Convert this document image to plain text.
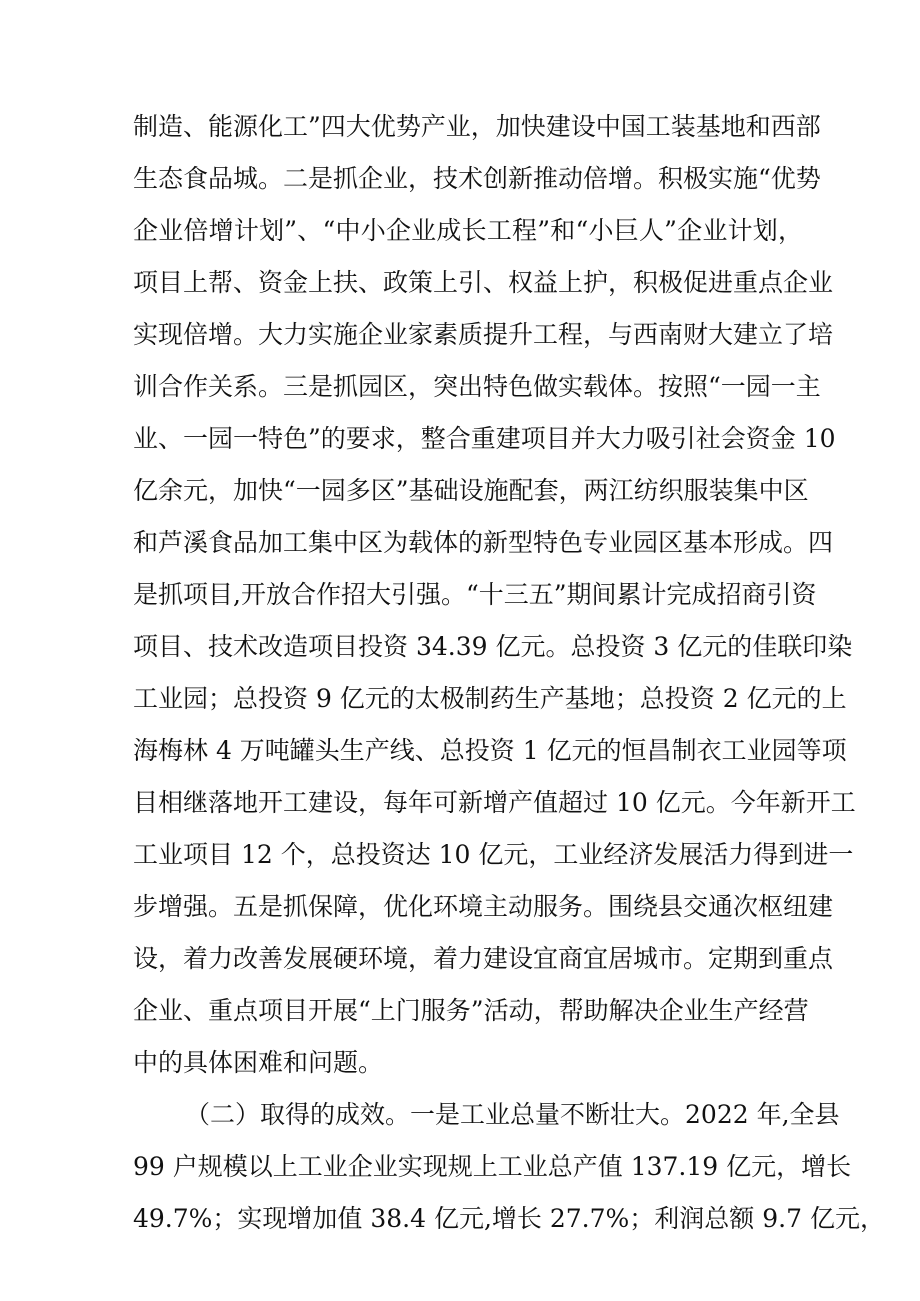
制造、能源化工”四大优势产业，加快建设中国工装基地和西部
生态食品城。二是抓企业，技术创新推动倍增。积极实施“优势
企业倍增计划”、“中小企业成长工程”和“小巨人”企业计划，
项目上帮、资金上扶、政策上引、权益上护，积极促进重点企业
实现倍增。大力实施企业家素质提升工程，与西南财大建立了培
训合作关系。三是抓园区，突出特色做实载体。按照“一园一主
业、一园一特色”的要求，整合重建项目并大力吸引社会资金 10
亿余元，加快“一园多区”基础设施配套，两江纺织服装集中区
和芦溪食品加工集中区为载体的新型特色专业园区基本形成。四
是抓项目,开放合作招大引强。“十三五”期间累计完成招商引资
项目、技术改造项目投资 34.39 亿元。总投资 3 亿元的佳联印染
工业园；总投资 9 亿元的太极制药生产基地；总投资 2 亿元的上
海梅林 4 万吨罐头生产线、总投资 1 亿元的恒昌制衣工业园等项
目相继落地开工建设，每年可新增产值超过 10 亿元。今年新开工
工业项目 12 个，总投资达 10 亿元，工业经济发展活力得到进一
步增强。五是抓保障，优化环境主动服务。围绕县交通次枢纽建
设，着力改善发展硬环境，着力建设宜商宜居城市。定期到重点
企业、重点项目开展“上门服务”活动，帮助解决企业生产经营
中的具体困难和问题。
（二）取得的成效。一是工业总量不断壮大。2022 年,全县
99 户规模以上工业企业实现规上工业总产值 137.19 亿元，增长
49.7%；实现增加值 38.4 亿元,增长 27.7%；利润总额 9.7 亿元，
